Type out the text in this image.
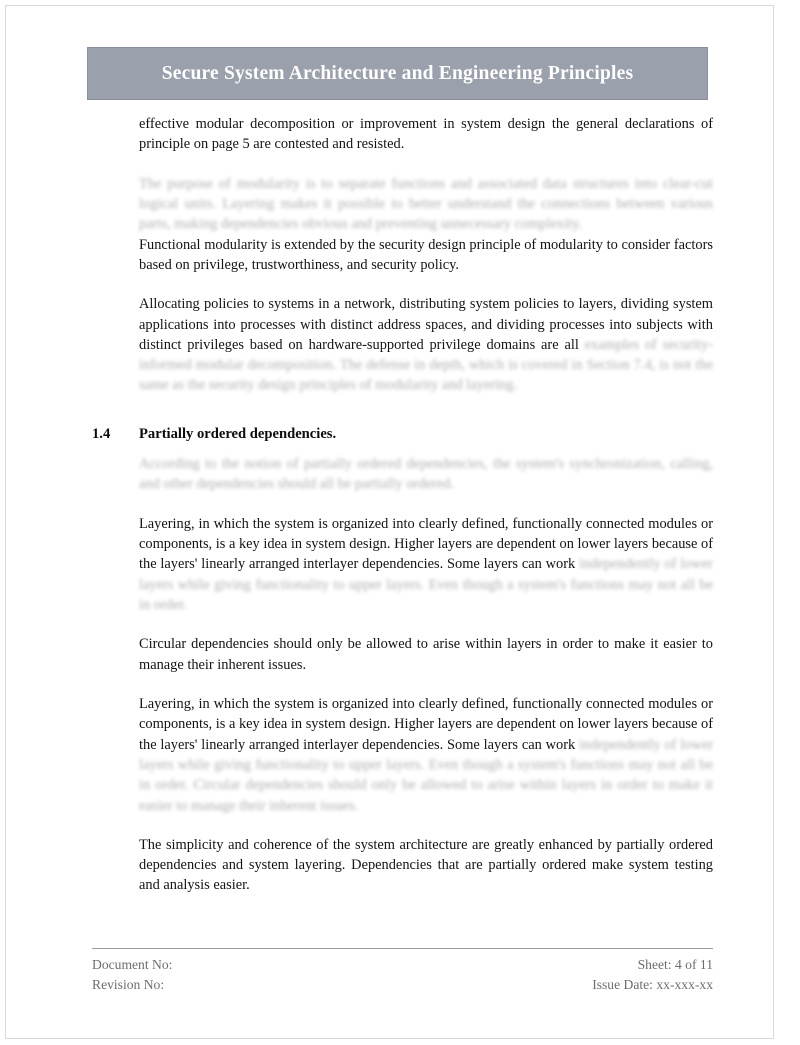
Secure System Architecture and Engineering Principles

effective modular decomposition or improvement in system design the general declarations of principle on page 5 are contested and resisted.

The purpose of modularity is to separate functions and associated data structures into clear-cut logical units. Layering makes it possible to better understand the connections between various parts, making dependencies obvious and preventing unnecessary complexity.

Functional modularity is extended by the security design principle of modularity to consider factors based on privilege, trustworthiness, and security policy.

Allocating policies to systems in a network, distributing system policies to layers, dividing system applications into processes with distinct address spaces, and dividing processes into subjects with distinct privileges based on hardware-supported privilege domains are all examples of security-informed modular decomposition. The defense in depth, which is covered in Section 7.4, is not the same as the security design principles of modularity and layering.

1.4 Partially ordered dependencies.

According to the notion of partially ordered dependencies, the system's synchronization, calling, and other dependencies should all be partially ordered.

Layering, in which the system is organized into clearly defined, functionally connected modules or components, is a key idea in system design. Higher layers are dependent on lower layers because of the layers' linearly arranged interlayer dependencies. Some layers can work independently of lower layers while giving functionality to upper layers. Even though a system's functions may not all be in order.

Circular dependencies should only be allowed to arise within layers in order to make it easier to manage their inherent issues.

Layering, in which the system is organized into clearly defined, functionally connected modules or components, is a key idea in system design. Higher layers are dependent on lower layers because of the layers' linearly arranged interlayer dependencies. Some layers can work independently of lower layers while giving functionality to upper layers. Even though a system's functions may not all be in order. Circular dependencies should only be allowed to arise within layers in order to make it easier to manage their inherent issues.

The simplicity and coherence of the system architecture are greatly enhanced by partially ordered dependencies and system layering. Dependencies that are partially ordered make system testing and analysis easier.

Document No:	Sheet: 4 of 11
Revision No:	Issue Date: xx-xxx-xx
